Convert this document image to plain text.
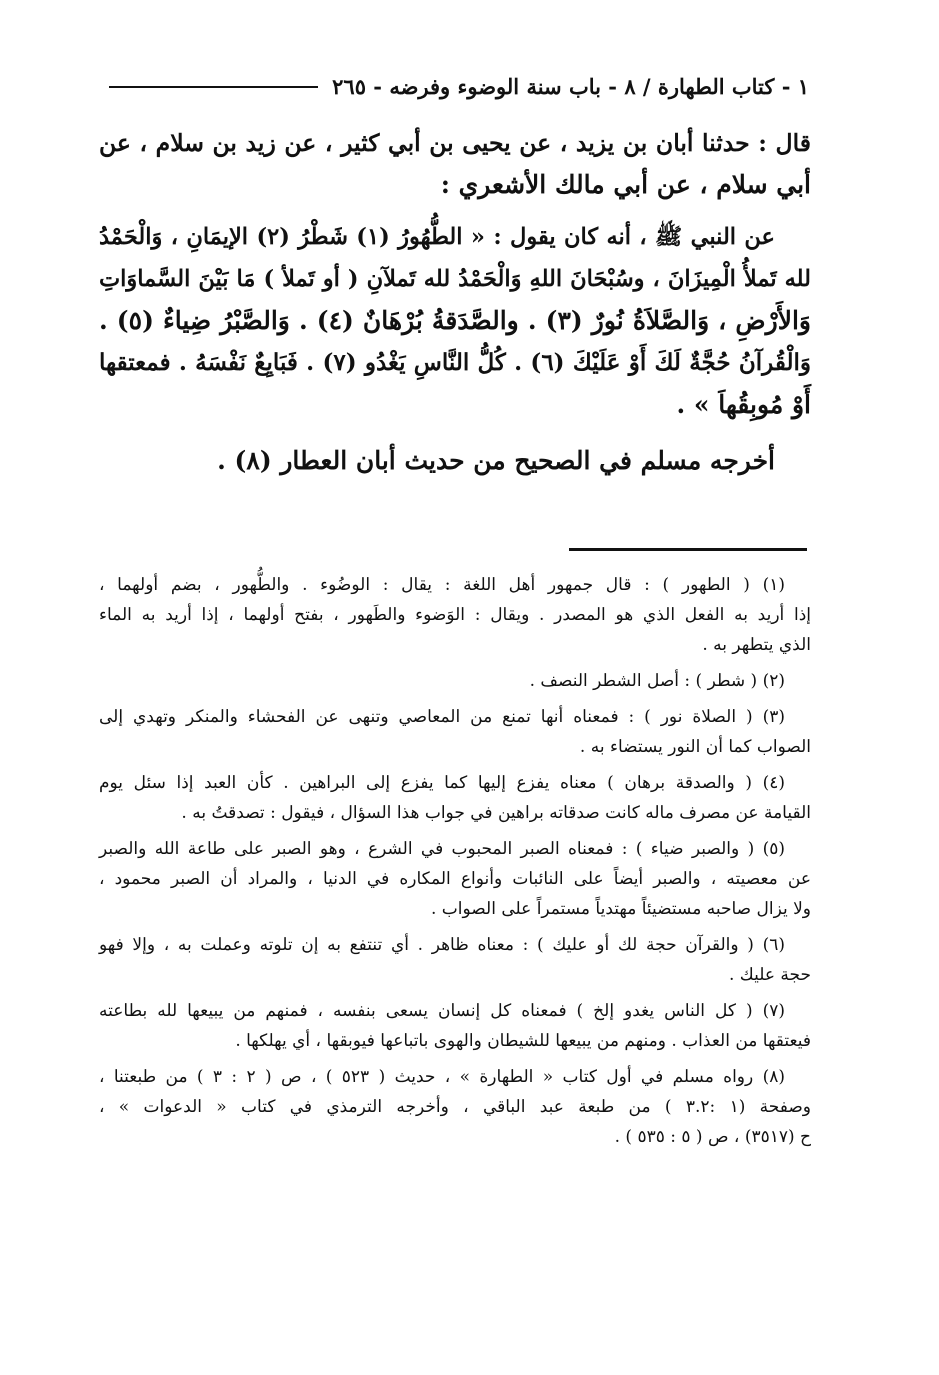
١ - كتاب الطهارة / ٨ - باب سنة الوضوء وفرضه - ٢٦٥
قال : حدثنا أبان بن يزيد ، عن يحيى بن أبي كثير ، عن زيد بن سلام ، عن
أبي سلام ، عن أبي مالك الأشعري :
عن النبي ﷺ ، أنه كان يقول : « الطُّهُورُ (١) شَطْرُ (٢) الإيمَانِ ، وَالْحَمْدُ
لله تَملأُ الْمِيزَانَ ، وسُبْحَانَ اللهِ وَالْحَمْدُ لله تَملآنِ ( أو تَملأ ) مَا بَيْنَ السَّماوَاتِ
وَالأَرْضِ ، وَالصَّلاَةُ نُورٌ (٣) . والصَّدَقةُ بُرْهَانٌ (٤) . وَالصَّبْرُ ضِياءٌ (٥) .
وَالْقُرآنُ حُجَّةٌ لَكَ أَوْ عَلَيْكَ (٦) . كُلُّ النَّاسِ يَغْدُو (٧) . فَبَايِعٌ نَفْسَهُ . فمعتقها
أَوْ مُوبِقُهاَ » .
أخرجه مسلم في الصحيح من حديث أبان العطار (٨) .
(١) ( الطهور ) : قال جمهور أهل اللغة : يقال : الوضُوء . والطُّهور ، بضم أولهما ،
إذا أريد به الفعل الذي هو المصدر . ويقال : الوَضوء والطَهور ، بفتح أولهما ، إذا أريد به الماء
الذي يتطهر به .
(٢) ( شطر ) : أصل الشطر النصف .
(٣) ( الصلاة نور ) : فمعناه أنها تمنع من المعاصي وتنهى عن الفحشاء والمنكر وتهدي إلى
الصواب كما أن النور يستضاء به .
(٤) ( والصدقة برهان ) معناه يفزع إليها كما يفزع إلى البراهين . كأن العبد إذا سئل يوم
القيامة عن مصرف ماله كانت صدقاته براهين في جواب هذا السؤال ، فيقول : تصدقتُ به .
(٥) ( والصبر ضياء ) : فمعناه الصبر المحبوب في الشرع ، وهو الصبر على طاعة الله والصبر
عن معصيته ، والصبر أيضاً على النائبات وأنواع المكاره في الدنيا ، والمراد أن الصبر محمود ،
ولا يزال صاحبه مستضيئاً مهتدياً مستمراً على الصواب .
(٦) ( والقرآن حجة لك أو عليك ) : معناه ظاهر . أي تنتفع به إن تلوته وعملت به ، وإلا فهو
حجة عليك .
(٧) ( كل الناس يغدو إلخ ) فمعناه كل إنسان يسعى بنفسه ، فمنهم من يبيعها لله بطاعته
فيعتقها من العذاب . ومنهم من يبيعها للشيطان والهوى باتباعها فيوبقها ، أي يهلكها .
(٨) رواه مسلم في أول كتاب « الطهارة » ، حديث ( ٥٢٣ ) ، ص ( ٢ : ٣ ) من طبعتنا ،
وصفحة (١ :٣.٢ ) من طبعة عبد الباقي ، وأخرجه الترمذي في كتاب « الدعوات » ،
ح (٣٥١٧) ، ص ( ٥ : ٥٣٥ ) .
